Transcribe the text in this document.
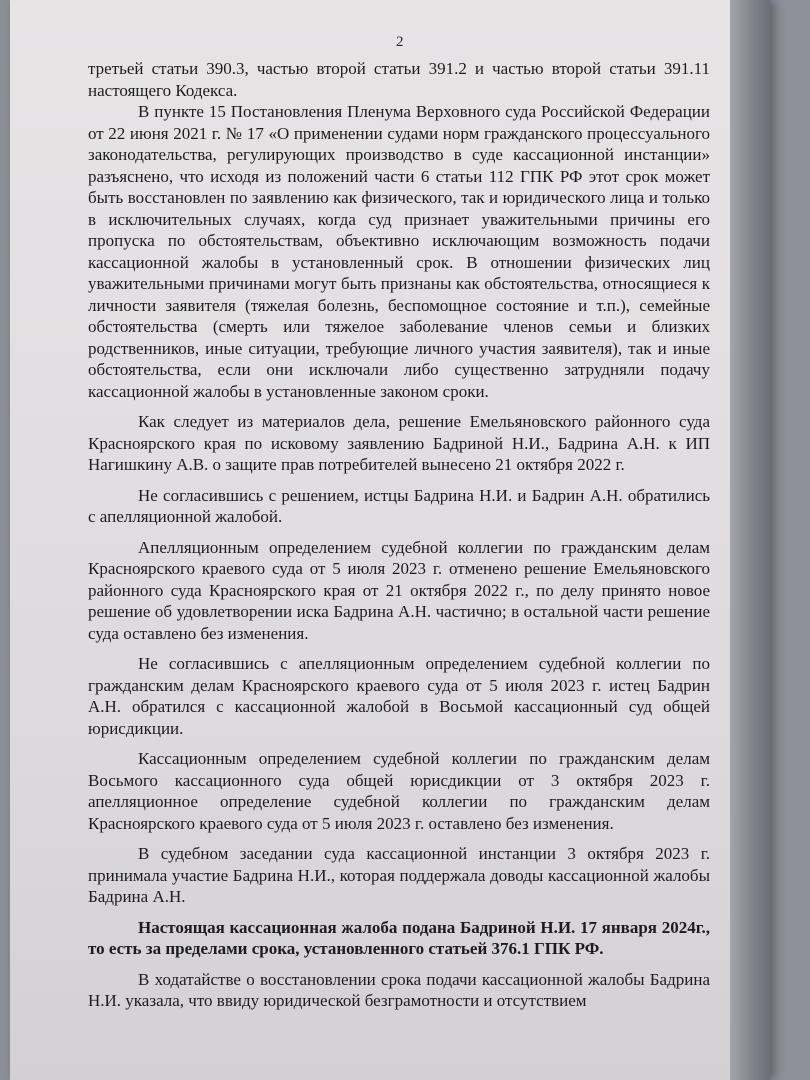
2

третьей статьи 390.3, частью второй статьи 391.2 и частью второй статьи 391.11 настоящего Кодекса.

В пункте 15 Постановления Пленума Верховного суда Российской Федерации от 22 июня 2021 г. № 17 «О применении судами норм гражданского процессуального законодательства, регулирующих производство в суде кассационной инстанции» разъяснено, что исходя из положений части 6 статьи 112 ГПК РФ этот срок может быть восстановлен по заявлению как физического, так и юридического лица и только в исключительных случаях, когда суд признает уважительными причины его пропуска по обстоятельствам, объективно исключающим возможность подачи кассационной жалобы в установленный срок. В отношении физических лиц уважительными причинами могут быть признаны как обстоятельства, относящиеся к личности заявителя (тяжелая болезнь, беспомощное состояние и т.п.), семейные обстоятельства (смерть или тяжелое заболевание членов семьи и близких родственников, иные ситуации, требующие личного участия заявителя), так и иные обстоятельства, если они исключали либо существенно затрудняли подачу кассационной жалобы в установленные законом сроки.

Как следует из материалов дела, решение Емельяновского районного суда Красноярского края по исковому заявлению Бадриной Н.И., Бадрина А.Н. к ИП Нагишкину А.В. о защите прав потребителей вынесено 21 октября 2022 г.

Не согласившись с решением, истцы Бадрина Н.И. и Бадрин А.Н. обратились с апелляционной жалобой.

Апелляционным определением судебной коллегии по гражданским делам Красноярского краевого суда от 5 июля 2023 г. отменено решение Емельяновского районного суда Красноярского края от 21 октября 2022 г., по делу принято новое решение об удовлетворении иска Бадрина А.Н. частично; в остальной части решение суда оставлено без изменения.

Не согласившись с апелляционным определением судебной коллегии по гражданским делам Красноярского краевого суда от 5 июля 2023 г. истец Бадрин А.Н. обратился с кассационной жалобой в Восьмой кассационный суд общей юрисдикции.

Кассационным определением судебной коллегии по гражданским делам Восьмого кассационного суда общей юрисдикции от 3 октября 2023 г. апелляционное определение судебной коллегии по гражданским делам Красноярского краевого суда от 5 июля 2023 г. оставлено без изменения.

В судебном заседании суда кассационной инстанции 3 октября 2023 г. принимала участие Бадрина Н.И., которая поддержала доводы кассационной жалобы Бадрина А.Н.

Настоящая кассационная жалоба подана Бадриной Н.И. 17 января 2024г., то есть за пределами срока, установленного статьей 376.1 ГПК РФ.

В ходатайстве о восстановлении срока подачи кассационной жалобы Бадрина Н.И. указала, что ввиду юридической безграмотности и отсутствием
